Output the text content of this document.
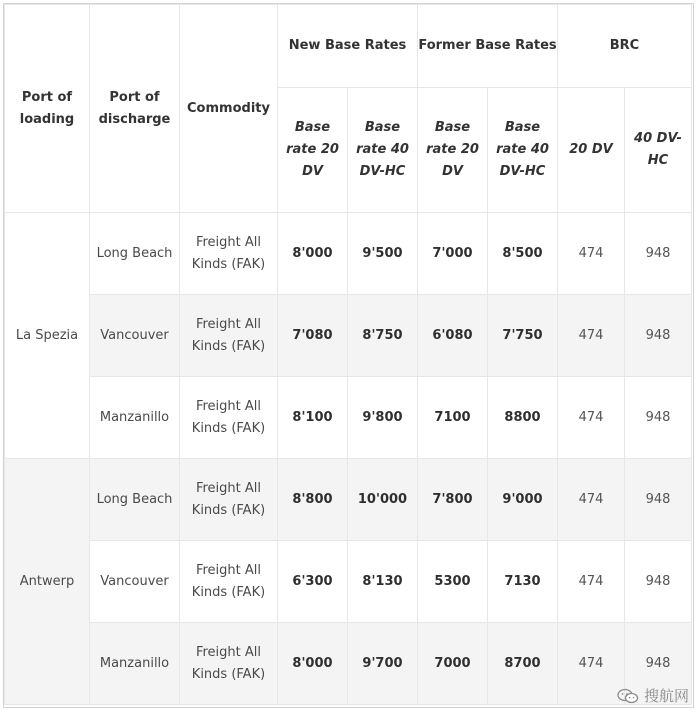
Port of loading	Port of discharge	Commodity	New Base Rates		Former Base Rates		BRC	
			Base rate 20 DV	Base rate 40 DV-HC	Base rate 20 DV	Base rate 40 DV-HC	20 DV	40 DV-HC
La Spezia	Long Beach	Freight All Kinds (FAK)	8'000	9'500	7'000	8'500	474	948
	Vancouver	Freight All Kinds (FAK)	7'080	8'750	6'080	7'750	474	948
	Manzanillo	Freight All Kinds (FAK)	8'100	9'800	7100	8800	474	948
Antwerp	Long Beach	Freight All Kinds (FAK)	8'800	10'000	7'800	9'000	474	948
	Vancouver	Freight All Kinds (FAK)	6'300	8'130	5300	7130	474	948
	Manzanillo	Freight All Kinds (FAK)	8'000	9'700	7000	8700	474	948
搜航网
